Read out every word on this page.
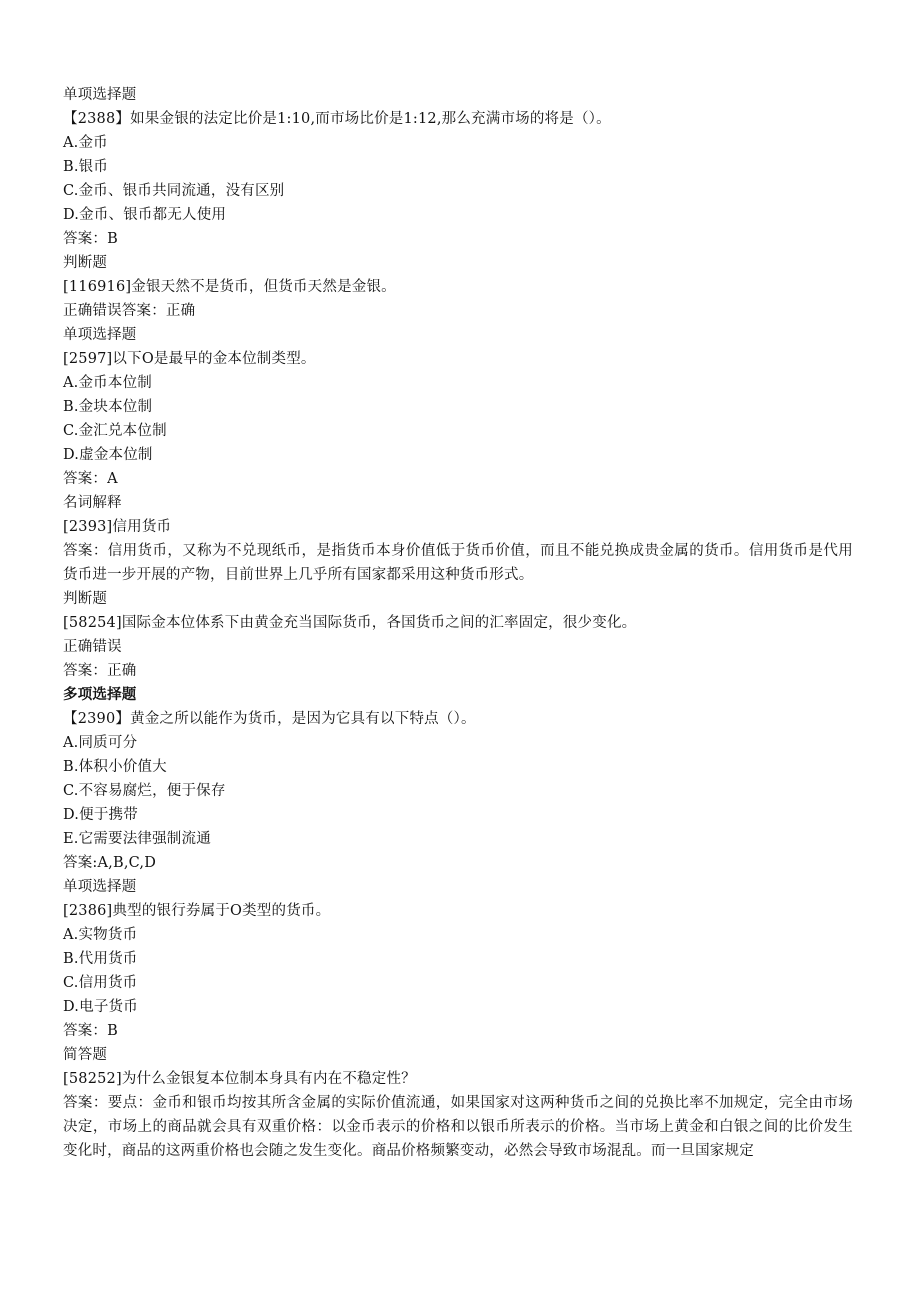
单项选择题
【2388】如果金银的法定比价是1:10,而市场比价是1:12,那么充满市场的将是（）。
A.金币
B.银币
C.金币、银币共同流通，没有区别
D.金币、银币都无人使用
答案：B
判断题
[116916]金银天然不是货币，但货币天然是金银。
正确错误答案：正确
单项选择题
[2597]以下O是最早的金本位制类型。
A.金币本位制
B.金块本位制
C.金汇兑本位制
D.虚金本位制
答案：A
名词解释
[2393]信用货币
答案：信用货币，又称为不兑现纸币，是指货币本身价值低于货币价值，而且不能兑换成贵金属的货币。信用货币是代用货币进一步开展的产物，目前世界上几乎所有国家都采用这种货币形式。
判断题
[58254]国际金本位体系下由黄金充当国际货币，各国货币之间的汇率固定，很少变化。
正确错误
答案：正确
多项选择题
【2390】黄金之所以能作为货币，是因为它具有以下特点（）。
A.同质可分
B.体积小价值大
C.不容易腐烂，便于保存
D.便于携带
E.它需要法律强制流通
答案:A,B,C,D
单项选择题
[2386]典型的银行券属于O类型的货币。
A.实物货币
B.代用货币
C.信用货币
D.电子货币
答案：B
简答题
[58252]为什么金银复本位制本身具有内在不稳定性？
答案：要点：金币和银币均按其所含金属的实际价值流通，如果国家对这两种货币之间的兑换比率不加规定，完全由市场决定，市场上的商品就会具有双重价格：以金币表示的价格和以银币所表示的价格。当市场上黄金和白银之间的比价发生变化时，商品的这两重价格也会随之发生变化。商品价格频繁变动，必然会导致市场混乱。而一旦国家规定
